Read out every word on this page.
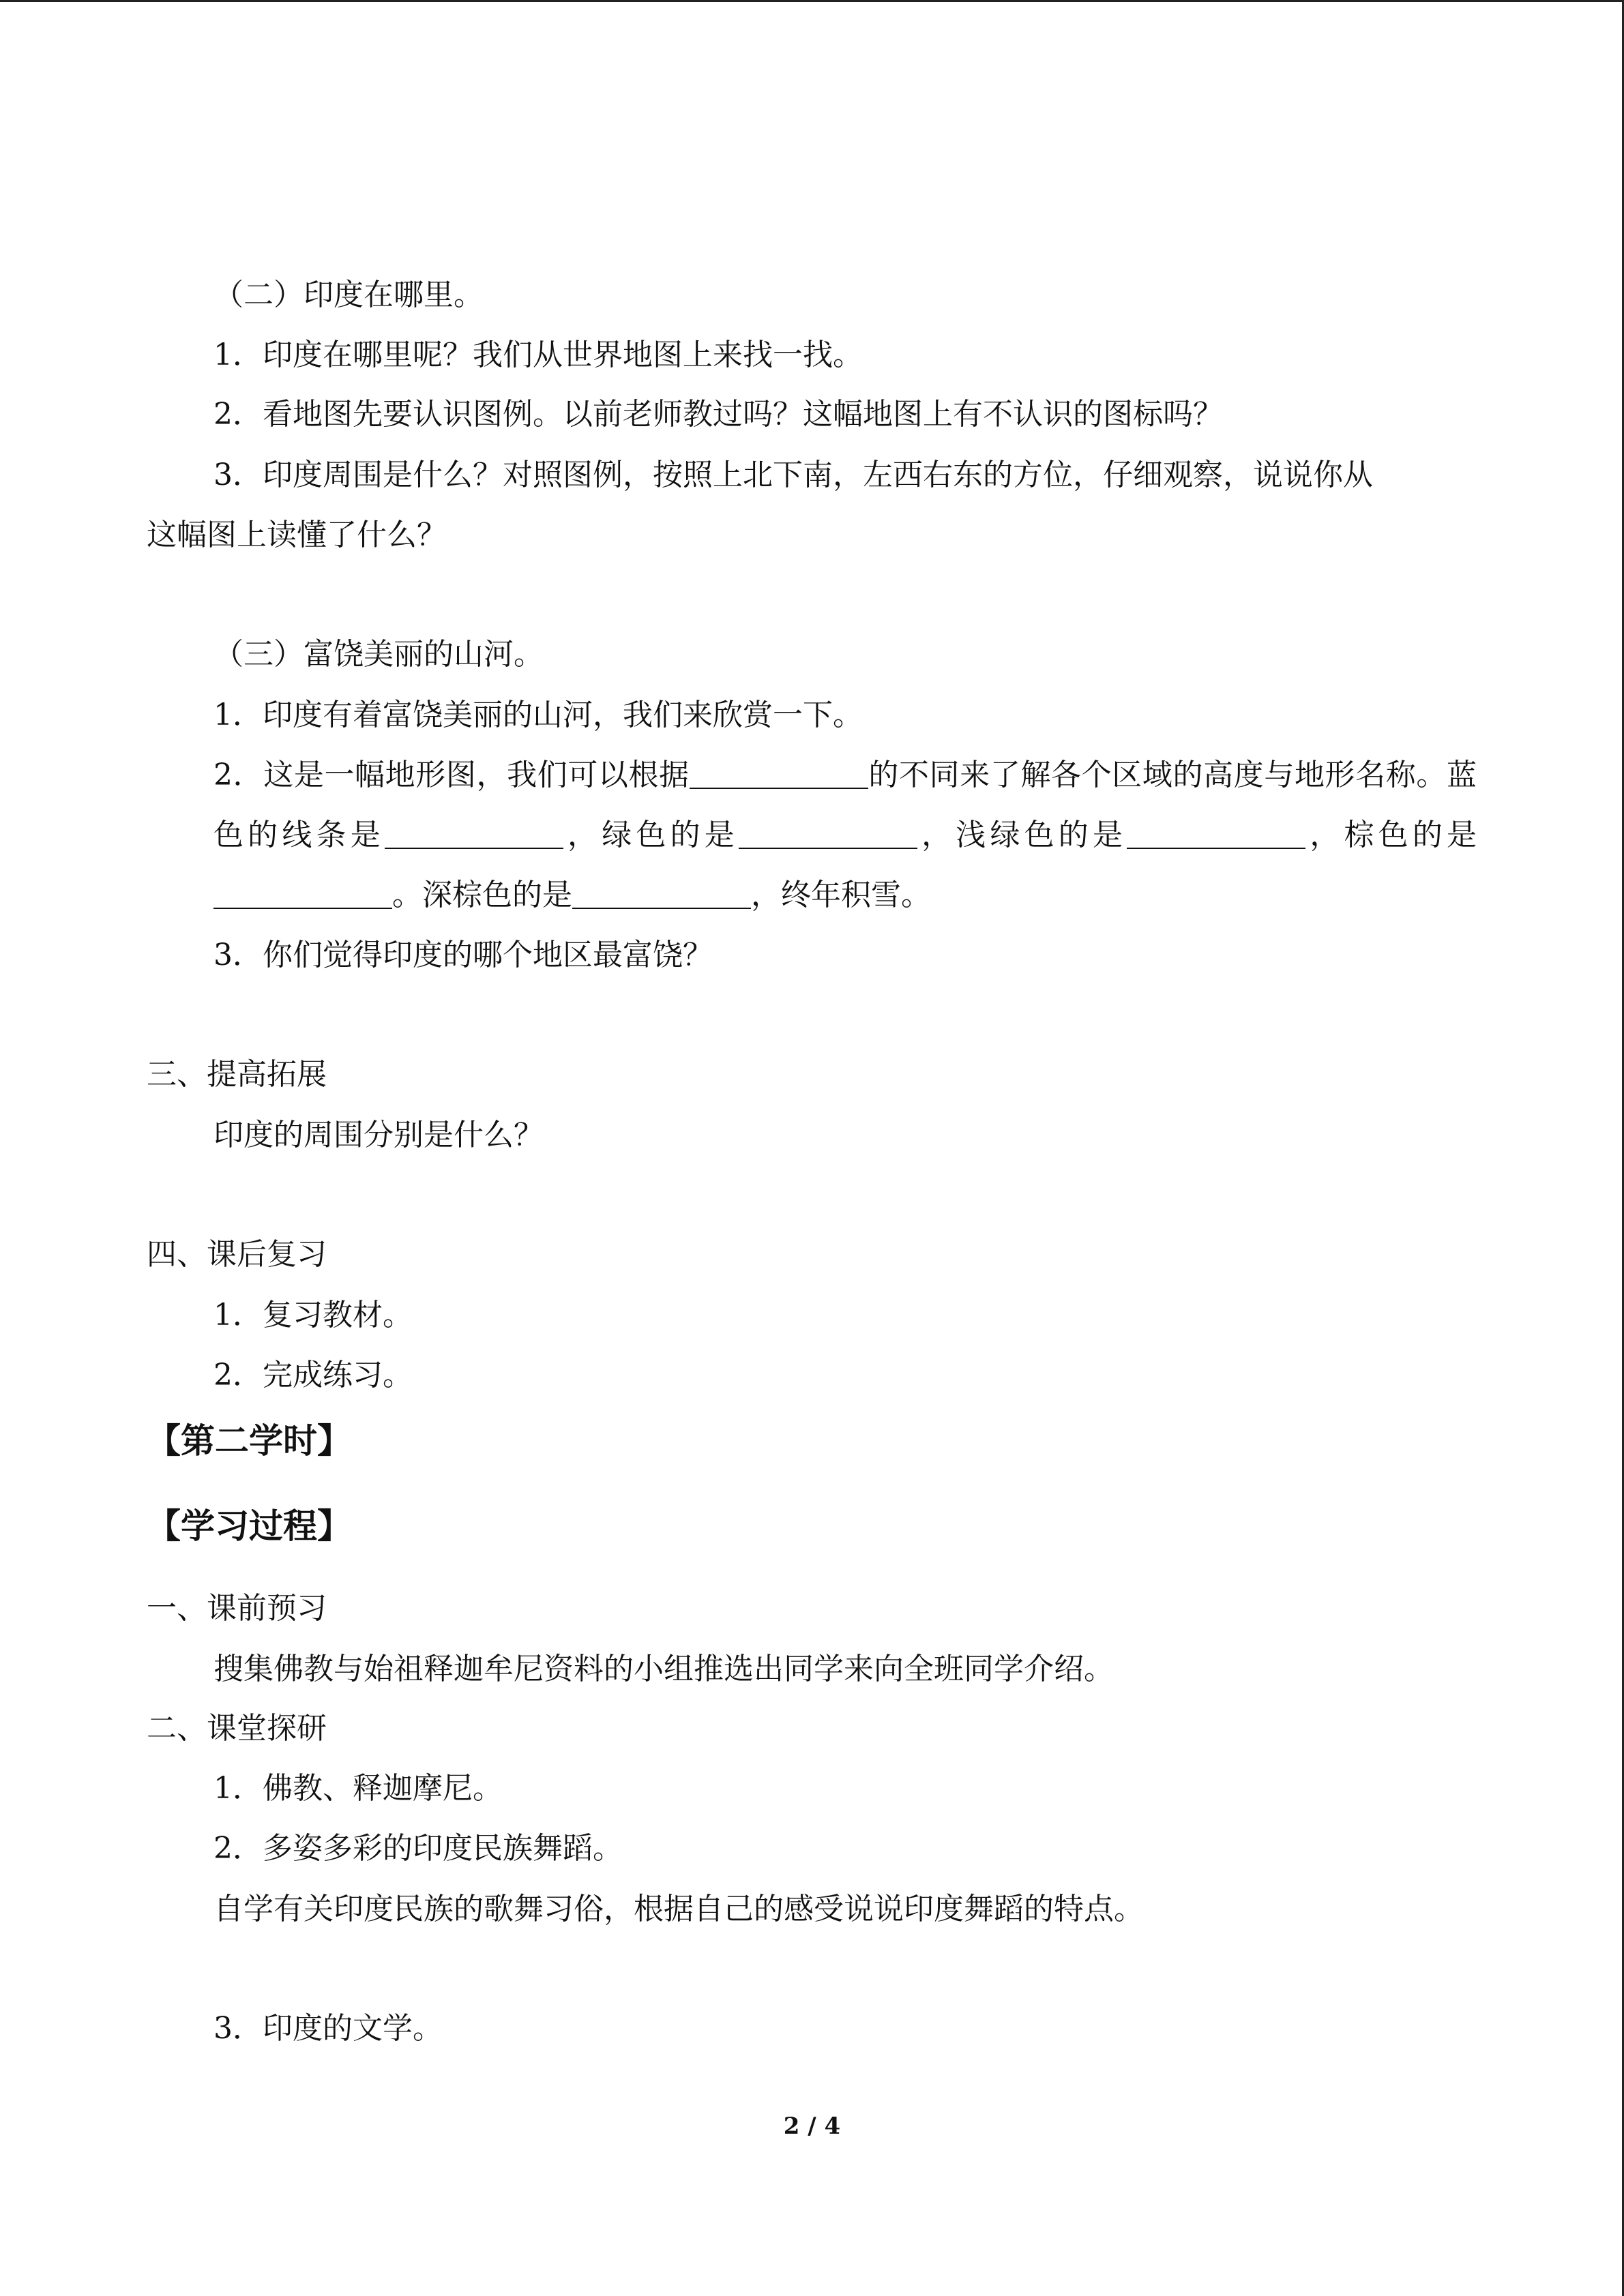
（二）印度在哪里。
1．印度在哪里呢？我们从世界地图上来找一找。
2．看地图先要认识图例。以前老师教过吗？这幅地图上有不认识的图标吗？
3．印度周围是什么？对照图例，按照上北下南，左西右东的方位，仔细观察，说说你从
这幅图上读懂了什么？
（三）富饶美丽的山河。
1．印度有着富饶美丽的山河，我们来欣赏一下。
2．这是一幅地形图，我们可以根据	的不同来了解各个区域的高度与地形名称。蓝色的线条是	，绿色的是	，浅绿色的是	，棕色的是。深棕色的是	，终年积雪。
3．你们觉得印度的哪个地区最富饶？
三、提高拓展
印度的周围分别是什么？
四、课后复习
1．复习教材。
2．完成练习。
【第二学时】
【学习过程】
一、课前预习
搜集佛教与始祖释迦牟尼资料的小组推选出同学来向全班同学介绍。
二、课堂探研
1．佛教、释迦摩尼。
2．多姿多彩的印度民族舞蹈。
自学有关印度民族的歌舞习俗，根据自己的感受说说印度舞蹈的特点。
3．印度的文学。
2 / 4
